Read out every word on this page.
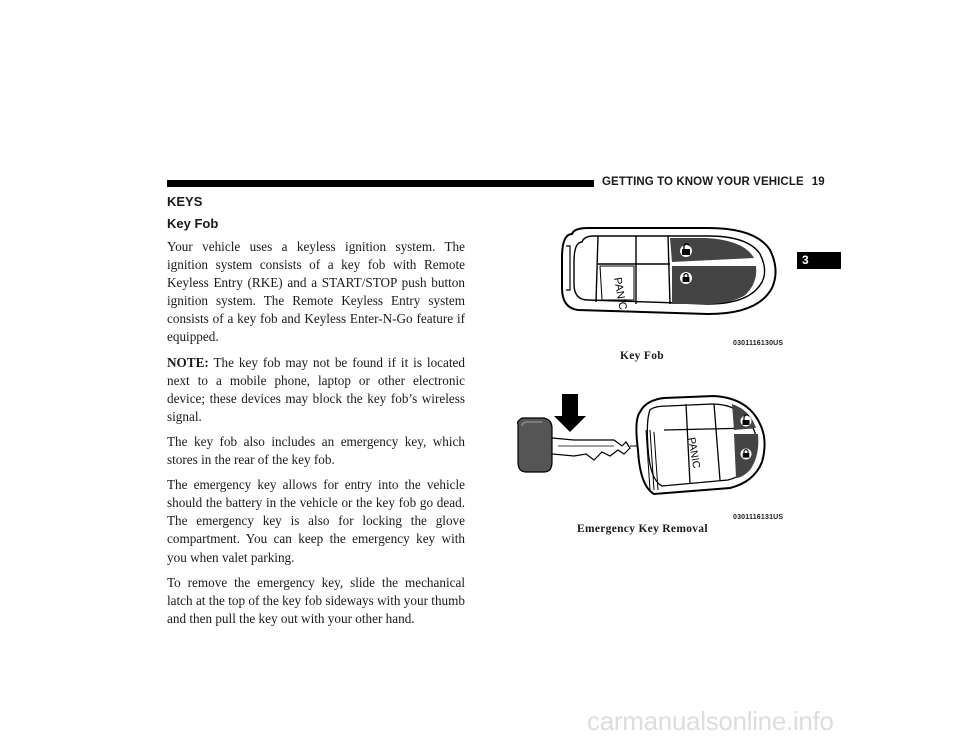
GETTING TO KNOW YOUR VEHICLE 19
3
KEYS
Key Fob

Your vehicle uses a keyless ignition system. The ignition system consists of a key fob with Remote Keyless Entry (RKE) and a START/STOP push button ignition system. The Remote Keyless Entry system consists of a key fob and Keyless Enter-N-Go feature if equipped.

NOTE: The key fob may not be found if it is located next to a mobile phone, laptop or other electronic device; these devices may block the key fob’s wireless signal.

The key fob also includes an emergency key, which stores in the rear of the key fob.

The emergency key allows for entry into the vehicle should the battery in the vehicle or the key fob go dead. The emergency key is also for locking the glove compartment. You can keep the emergency key with you when valet parking.

To remove the emergency key, slide the mechanical latch at the top of the key fob sideways with your thumb and then pull the key out with your other hand.

PANIC
0301116130US
Key Fob
PANIC
0301116131US
Emergency Key Removal
carmanualsonline.info
